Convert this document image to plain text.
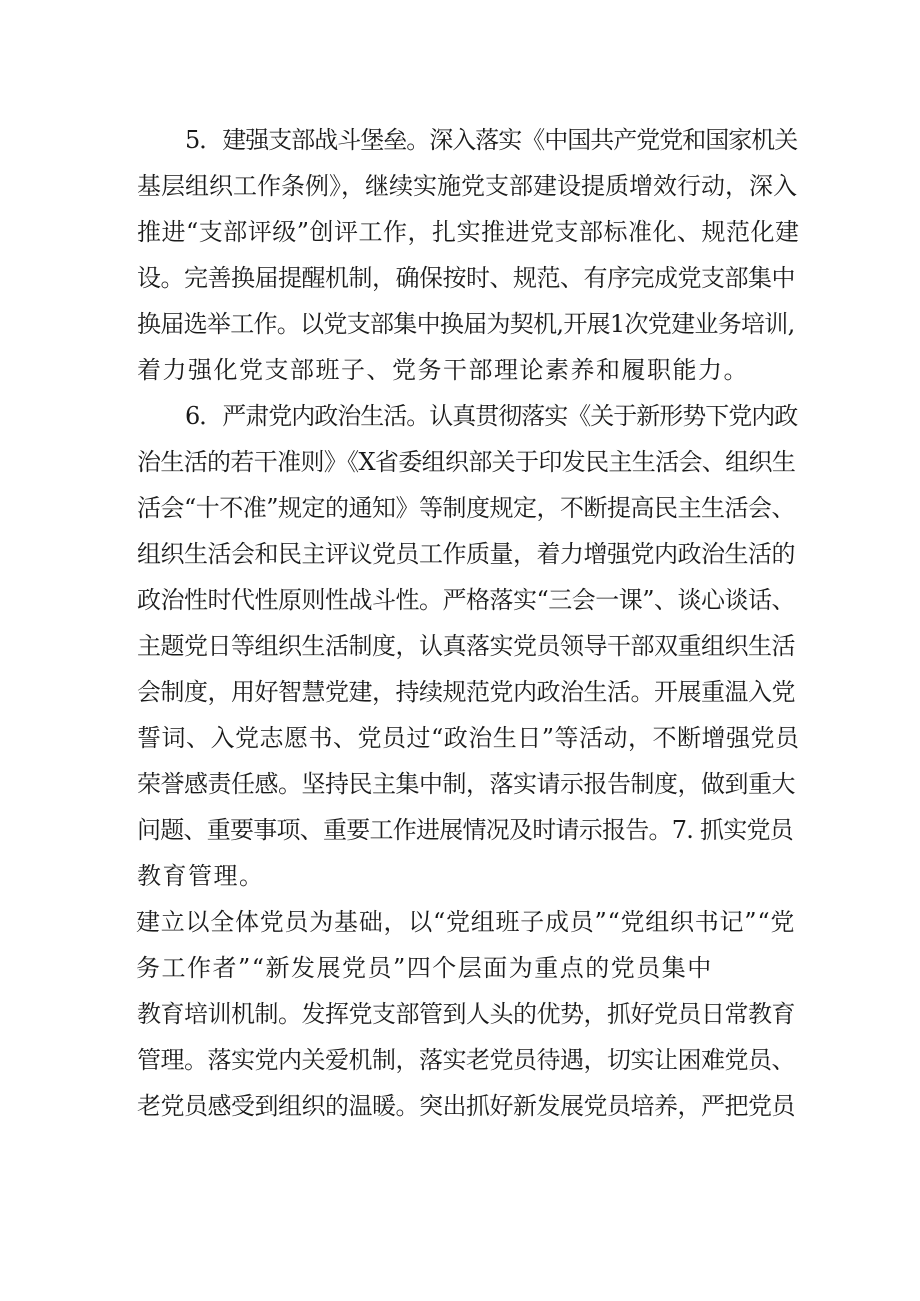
5．建强支部战斗堡垒。深入落实《中国共产党党和国家机关

基层组织工作条例》，继续实施党支部建设提质增效行动，深入

推进“支部评级”创评工作，扎实推进党支部标准化、规范化建

设。完善换届提醒机制，确保按时、规范、有序完成党支部集中

换届选举工作。以党支部集中换届为契机,开展1次党建业务培训,

着力强化党支部班子、党务干部理论素养和履职能力。

6．严肃党内政治生活。认真贯彻落实《关于新形势下党内政

治生活的若干准则》《X省委组织部关于印发民主生活会、组织生

活会“十不准”规定的通知》等制度规定，不断提高民主生活会、

组织生活会和民主评议党员工作质量，着力增强党内政治生活的

政治性时代性原则性战斗性。严格落实“三会一课”、谈心谈话、

主题党日等组织生活制度，认真落实党员领导干部双重组织生活

会制度，用好智慧党建，持续规范党内政治生活。开展重温入党

誓词、入党志愿书、党员过“政治生日”等活动，不断增强党员

荣誉感责任感。坚持民主集中制，落实请示报告制度，做到重大

问题、重要事项、重要工作进展情况及时请示报告。7. 抓实党员

教育管理。

建立以全体党员为基础，以“党组班子成员”“党组织书记”“党

务工作者”“新发展党员”四个层面为重点的党员集中

教育培训机制。发挥党支部管到人头的优势，抓好党员日常教育

管理。落实党内关爱机制，落实老党员待遇，切实让困难党员、

老党员感受到组织的温暖。突出抓好新发展党员培养，严把党员
